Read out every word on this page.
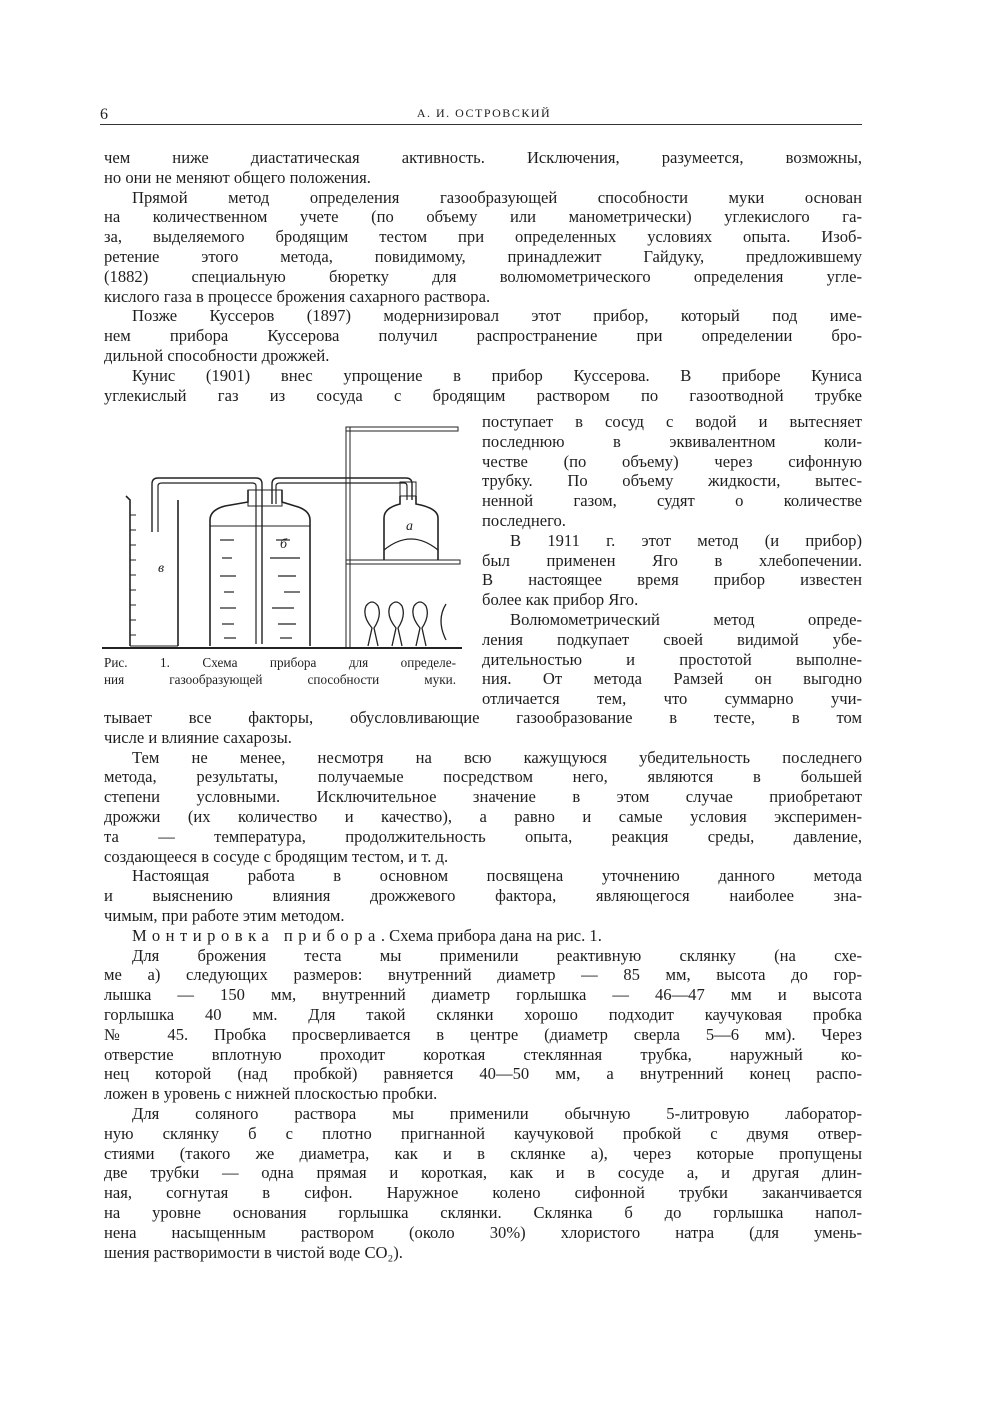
6	А. И. ОСТРОВСКИЙ
чем ниже диастатическая активность. Исключения, разумеется, возможны,
но они не меняют общего положения.
Прямой метод определения газообразующей способности муки основан
на количественном учете (по объему или манометрически) углекислого га-
за, выделяемого бродящим тестом при определенных условиях опыта. Изоб-
ретение этого метода, повидимому, принадлежит Гайдуку, предложившему
(1882) специальную бюретку для волюмометрического определения угле-
кислого газа в процессе брожения сахарного раствора.
Позже Куссеров (1897) модернизировал этот прибор, который под име-
нем прибора Куссерова получил распространение при определении бро-
дильной способности дрожжей.
Кунис (1901) внес упрощение в прибор Куссерова. В приборе Куниса
углекислый газ из сосуда с бродящим раствором по газоотводной трубке
поступает в сосуд с водой и вытесняет
последнюю в эквивалентном коли-
честве (по объему) через сифонную
трубку. По объему жидкости, вытес-
ненной газом, судят о количестве
последнего.
В 1911 г. этот метод (и прибор)
был применен Яго в хлебопечении.
В настоящее время прибор известен
более как прибор Яго.
Волюмометрический метод опреде-
ления подкупает своей видимой убе-
дительностью и простотой выполне-
ния. От метода Рамзей он выгодно
отличается тем, что суммарно учи-
в
б
а
Рис. 1. Схема прибора для определе-
ния газообразующей способности муки.
тывает все факторы, обусловливающие газообразование в тесте, в том
числе и влияние сахарозы.
Тем не менее, несмотря на всю кажущуюся убедительность последнего
метода, результаты, получаемые посредством него, являются в большей
степени условными. Исключительное значение в этом случае приобретают
дрожжи (их количество и качество), а равно и самые условия эксперимен-
та — температура, продолжительность опыта, реакция среды, давление,
создающееся в сосуде с бродящим тестом, и т. д.
Настоящая работа в основном посвящена уточнению данного метода
и выяснению влияния дрожжевого фактора, являющегося наиболее зна-
чимым, при работе этим методом.
Монтировка прибора. Схема прибора дана на рис. 1.
Для брожения теста мы применили реактивную склянку (на схе-
ме а) следующих размеров: внутренний диаметр — 85 мм, высота до гор-
лышка — 150 мм, внутренний диаметр горлышка — 46—47 мм и высота
горлышка 40 мм. Для такой склянки хорошо подходит каучуковая пробка
№ 45. Пробка просверливается в центре (диаметр сверла 5—6 мм). Через
отверстие вплотную проходит короткая стеклянная трубка, наружный ко-
нец которой (над пробкой) равняется 40—50 мм, а внутренний конец распо-
ложен в уровень с нижней плоскостью пробки.
Для соляного раствора мы применили обычную 5-литровую лаборатор-
ную склянку б с плотно пригнанной каучуковой пробкой с двумя отвер-
стиями (такого же диаметра, как и в склянке а), через которые пропущены
две трубки — одна прямая и короткая, как и в сосуде а, и другая длин-
ная, согнутая в сифон. Наружное колено сифонной трубки заканчивается
на уровне основания горлышка склянки. Склянка б до горлышка напол-
нена насыщенным раствором (около 30%) хлористого натра (для умень-
шения растворимости в чистой воде CO₂).
